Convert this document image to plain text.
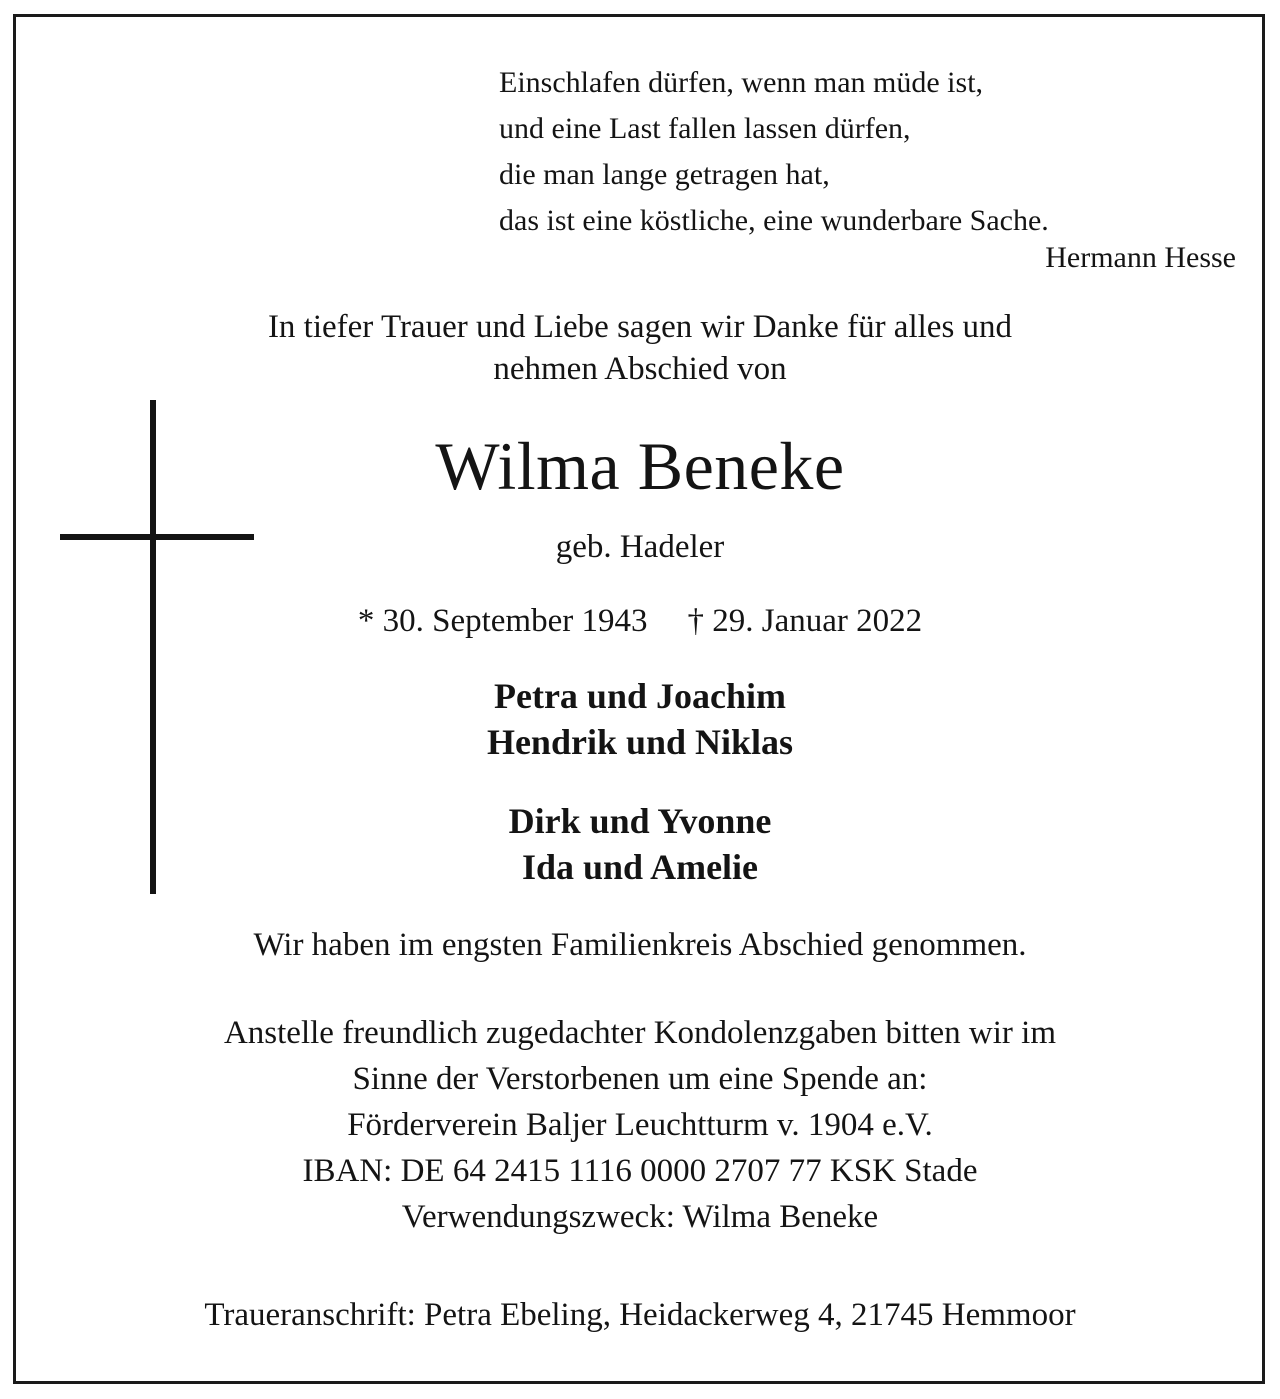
Einschlafen dürfen, wenn man müde ist,
und eine Last fallen lassen dürfen,
die man lange getragen hat,
das ist eine köstliche, eine wunderbare Sache.
Hermann Hesse
In tiefer Trauer und Liebe sagen wir Danke für alles und
nehmen Abschied von
Wilma Beneke
geb. Hadeler
* 30. September 1943 † 29. Januar 2022
Petra und Joachim
Hendrik und Niklas
Dirk und Yvonne
Ida und Amelie
Wir haben im engsten Familienkreis Abschied genommen.
Anstelle freundlich zugedachter Kondolenzgaben bitten wir im
Sinne der Verstorbenen um eine Spende an:
Förderverein Baljer Leuchtturm v. 1904 e.V.
IBAN: DE 64 2415 1116 0000 2707 77 KSK Stade
Verwendungszweck: Wilma Beneke
Traueranschrift: Petra Ebeling, Heidackerweg 4, 21745 Hemmoor
